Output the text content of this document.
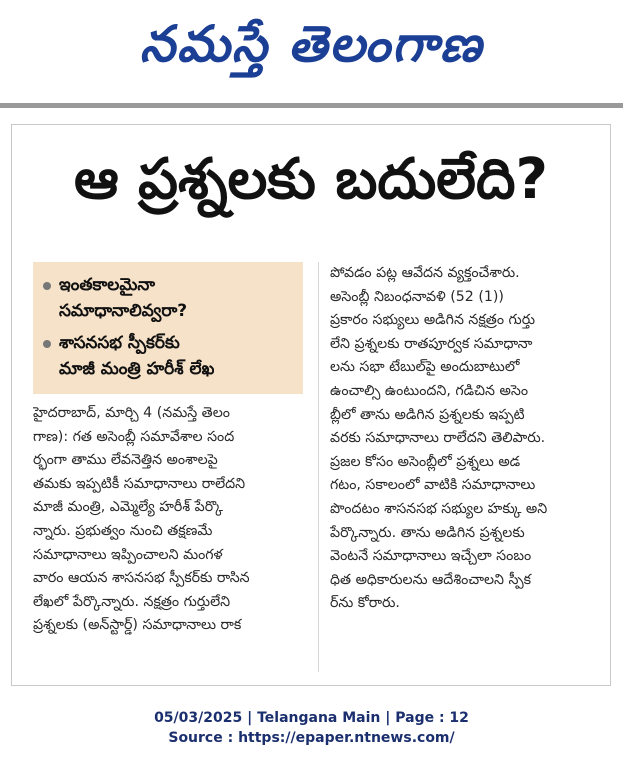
నమస్తే తెలంగాణ
ఆ ప్రశ్నలకు బదులేది?
ఇంతకాలమైనా
సమాధానాలివ్వరా?
శాసనసభ స్పీకర్‌కు
మాజీ మంత్రి హరీశ్ లేఖ
హైదరాబాద్, మార్చి 4 (నమస్తే తెలం
గాణ): గత అసెంబ్లీ సమావేశాల సంద
ర్భంగా తాము లేవనెత్తిన అంశాలపై
తమకు ఇప్పటికీ సమాధానాలు రాలేదని
మాజీ మంత్రి, ఎమ్మెల్యే హరీశ్ పేర్కొ
న్నారు. ప్రభుత్వం నుంచి తక్షణమే
సమాధానాలు ఇప్పించాలని మంగళ
వారం ఆయన శాసనసభ స్పీకర్‌కు రాసిన
లేఖలో పేర్కొన్నారు. నక్షత్రం గుర్తులేని
ప్రశ్నలకు (అన్‌స్టార్డ్) సమాధానాలు రాక
పోవడం పట్ల ఆవేదన వ్యక్తంచేశారు.
అసెంబ్లీ నిబంధనావళి (52 (1))
ప్రకారం సభ్యులు అడిగిన నక్షత్రం గుర్తు
లేని ప్రశ్నలకు రాతపూర్వక సమాధానా
లను సభా టేబుల్‌పై అందుబాటులో
ఉంచాల్సి ఉంటుందని, గడిచిన అసెం
బ్లీలో తాను అడిగిన ప్రశ్నలకు ఇప్పటి
వరకు సమాధానాలు రాలేదని తెలిపారు.
ప్రజల కోసం అసెంబ్లీలో ప్రశ్నలు అడ
గటం, సకాలంలో వాటికి సమాధానాలు
పొందటం శాసనసభ సభ్యుల హక్కు అని
పేర్కొన్నారు. తాను అడిగిన ప్రశ్నలకు
వెంటనే సమాధానాలు ఇచ్చేలా సంబం
ధిత అధికారులను ఆదేశించాలని స్పీక
ర్‌ను కోరారు.
05/03/2025 | Telangana Main | Page : 12
Source : https://epaper.ntnews.com/
